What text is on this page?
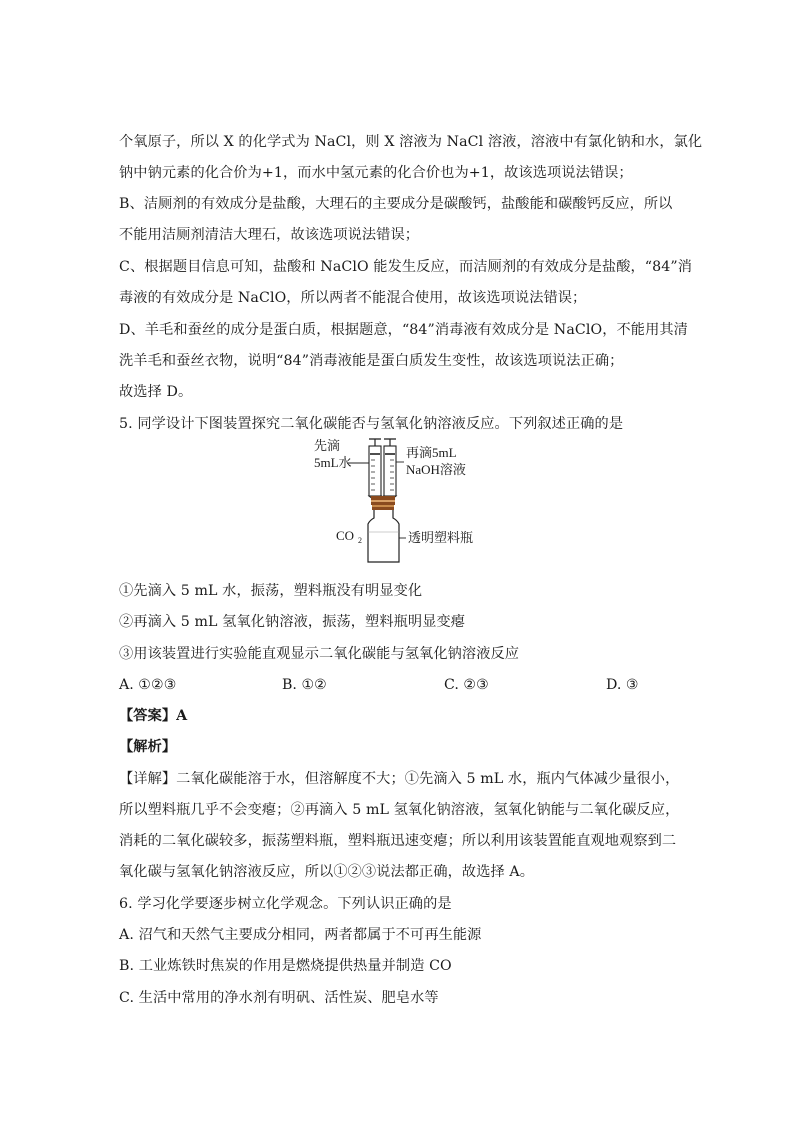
个氧原子，所以 X 的化学式为 NaCl，则 X 溶液为 NaCl 溶液，溶液中有氯化钠和水，氯化
钠中钠元素的化合价为+1，而水中氢元素的化合价也为+1，故该选项说法错误；
B、洁厕剂的有效成分是盐酸，大理石的主要成分是碳酸钙，盐酸能和碳酸钙反应，所以
不能用洁厕剂清洁大理石，故该选项说法错误；
C、根据题目信息可知，盐酸和 NaClO 能发生反应，而洁厕剂的有效成分是盐酸，“84”消
毒液的有效成分是 NaClO，所以两者不能混合使用，故该选项说法错误；
D、羊毛和蚕丝的成分是蛋白质，根据题意，“84”消毒液有效成分是 NaClO，不能用其清
洗羊毛和蚕丝衣物，说明“84”消毒液能是蛋白质发生变性，故该选项说法正确；
故选择 D。
5. 同学设计下图装置探究二氧化碳能否与氢氧化钠溶液反应。下列叙述正确的是
先滴
5mL水
再滴5mL
NaOH溶液
CO 2	透明塑料瓶
①先滴入 5 mL 水，振荡，塑料瓶没有明显变化
②再滴入 5 mL 氢氧化钠溶液，振荡，塑料瓶明显变瘪
③用该装置进行实验能直观显示二氧化碳能与氢氧化钠溶液反应
A. ①②③	B. ①②	C. ②③	D. ③
【答案】A
【解析】
【详解】二氧化碳能溶于水，但溶解度不大；①先滴入 5 mL 水，瓶内气体减少量很小，
所以塑料瓶几乎不会变瘪；②再滴入 5 mL 氢氧化钠溶液，氢氧化钠能与二氧化碳反应，
消耗的二氧化碳较多，振荡塑料瓶，塑料瓶迅速变瘪；所以利用该装置能直观地观察到二
氧化碳与氢氧化钠溶液反应，所以①②③说法都正确，故选择 A。
6. 学习化学要逐步树立化学观念。下列认识正确的是
A. 沼气和天然气主要成分相同，两者都属于不可再生能源
B. 工业炼铁时焦炭的作用是燃烧提供热量并制造 CO
C. 生活中常用的净水剂有明矾、活性炭、肥皂水等
